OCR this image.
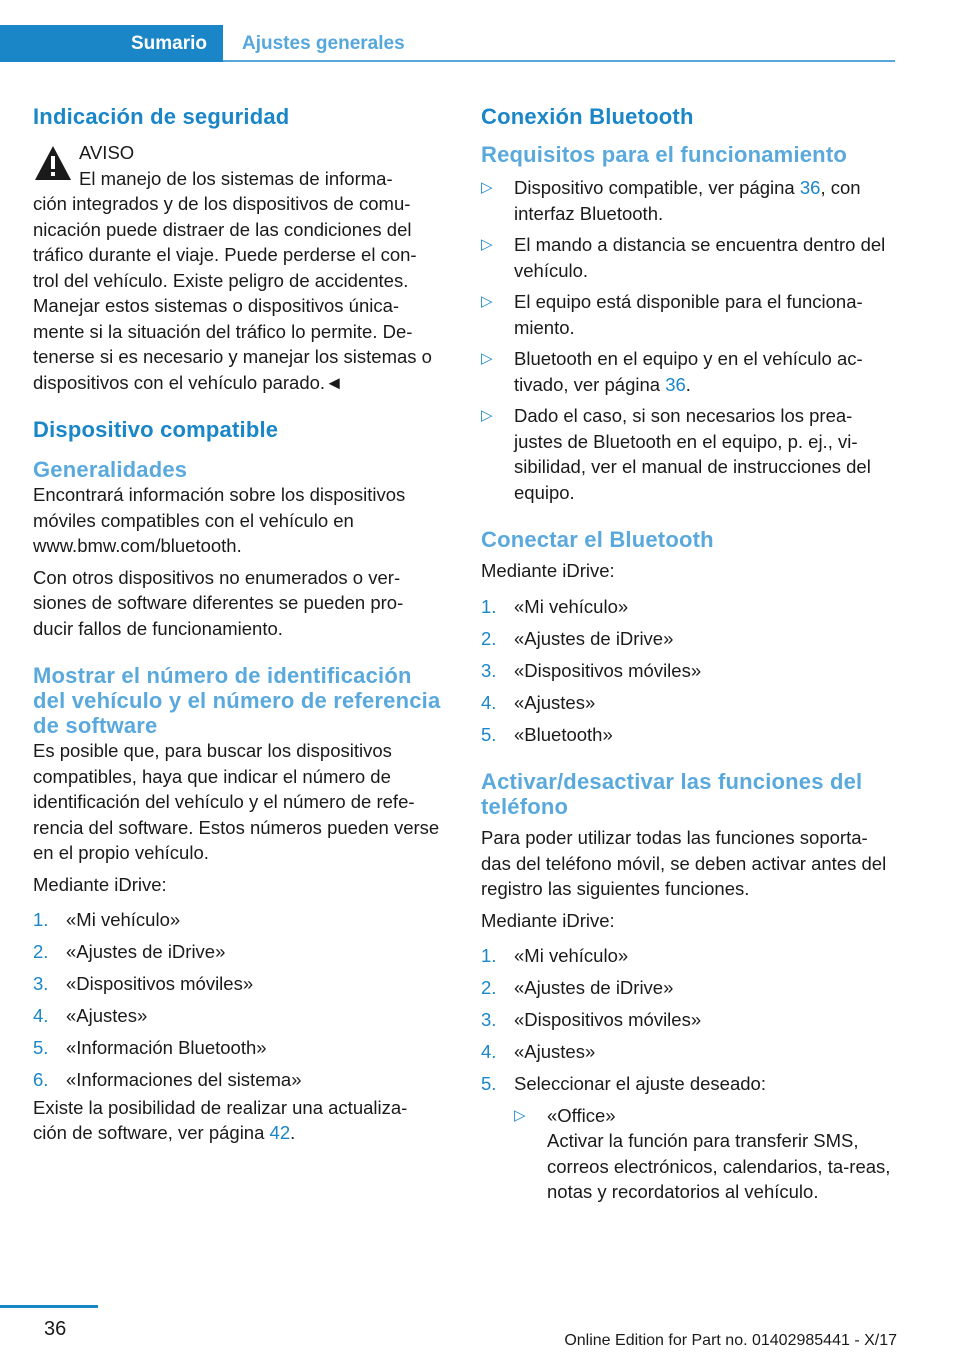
Sumario	Ajustes generales
Indicación de seguridad

AVISO

El manejo de los sistemas de informa-

ción integrados y de los dispositivos de comu-nicación puede distraer de las condiciones del tráfico durante el viaje. Puede perderse el con-trol del vehículo. Existe peligro de accidentes. Manejar estos sistemas o dispositivos única-mente si la situación del tráfico lo permite. De-tenerse si es necesario y manejar los sistemas o dispositivos con el vehículo parado.◄

Dispositivo compatible
Generalidades

Encontrará información sobre los dispositivos móviles compatibles con el vehículo en www.bmw.com/bluetooth.

Con otros dispositivos no enumerados o ver-siones de software diferentes se pueden pro-ducir fallos de funcionamiento.

Mostrar el número de identificación del vehículo y el número de referencia de software

Es posible que, para buscar los dispositivos compatibles, haya que indicar el número de identificación del vehículo y el número de refe-rencia del software. Estos números pueden verse en el propio vehículo.

Mediante iDrive:

1. «Mi vehículo»
2. «Ajustes de iDrive»
3. «Dispositivos móviles»
4. «Ajustes»
5. «Información Bluetooth»
6. «Informaciones del sistema»

Existe la posibilidad de realizar una actualiza-ción de software, ver página 42.

Conexión Bluetooth
Requisitos para el funcionamiento
▷ Dispositivo compatible, ver página 36, con interfaz Bluetooth.
▷ El mando a distancia se encuentra dentro del vehículo.
▷ El equipo está disponible para el funciona-miento.
▷ Bluetooth en el equipo y en el vehículo ac-tivado, ver página 36.
▷ Dado el caso, si son necesarios los prea-justes de Bluetooth en el equipo, p. ej., vi-sibilidad, ver el manual de instrucciones del equipo.
Conectar el Bluetooth

Mediante iDrive:

1. «Mi vehículo»
2. «Ajustes de iDrive»
3. «Dispositivos móviles»
4. «Ajustes»
5. «Bluetooth»
Activar/desactivar las funciones del teléfono

Para poder utilizar todas las funciones soporta-das del teléfono móvil, se deben activar antes del registro las siguientes funciones.

Mediante iDrive:

1. «Mi vehículo»
2. «Ajustes de iDrive»
3. «Dispositivos móviles»
4. «Ajustes»
5. Seleccionar el ajuste deseado:
▷ «Office»
Activar la función para transferir SMS, correos electrónicos, calendarios, ta-reas, notas y recordatorios al vehículo.
36
Online Edition for Part no. 01402985441 - X/17
